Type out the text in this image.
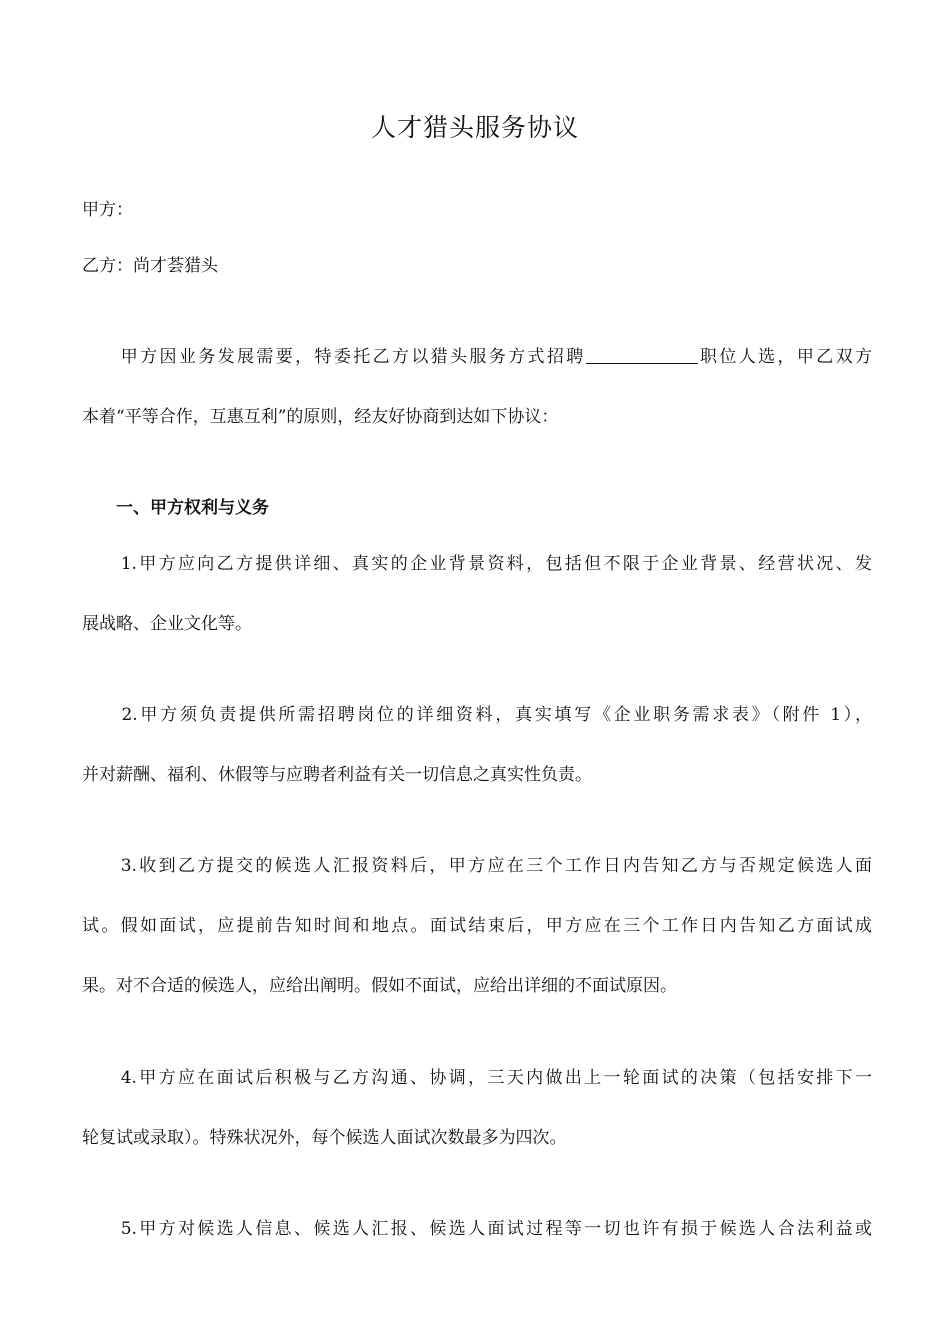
人才猎头服务协议
甲方：
乙方：尚才荟猎头
　　甲方因业务发展需要，特委托乙方以猎头服务方式招聘	职位人选，甲乙双方
本着“平等合作，互惠互利”的原则，经友好协商到达如下协议：
　　一、甲方权利与义务
　　1.甲方应向乙方提供详细、真实的企业背景资料，包括但不限于企业背景、经营状况、发
展战略、企业文化等。
　　2.甲方须负责提供所需招聘岗位的详细资料，真实填写《企业职务需求表》（附件 1），
并对薪酬、福利、休假等与应聘者利益有关一切信息之真实性负责。
　　3.收到乙方提交的候选人汇报资料后，甲方应在三个工作日内告知乙方与否规定候选人面
试。假如面试，应提前告知时间和地点。面试结束后，甲方应在三个工作日内告知乙方面试成
果。对不合适的候选人，应给出阐明。假如不面试，应给出详细的不面试原因。
　　4.甲方应在面试后积极与乙方沟通、协调，三天内做出上一轮面试的决策（包括安排下一
轮复试或录取）。特殊状况外，每个候选人面试次数最多为四次。
　　5.甲方对候选人信息、候选人汇报、候选人面试过程等一切也许有损于候选人合法利益或
